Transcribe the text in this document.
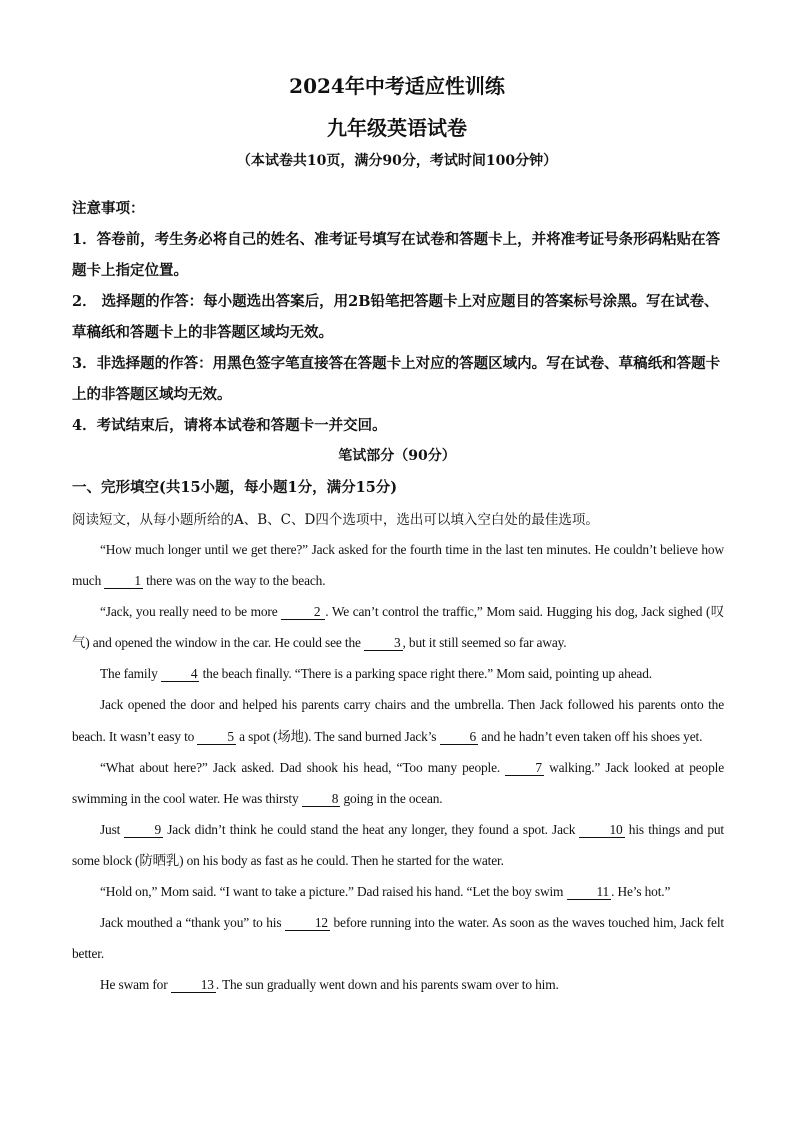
2024年中考适应性训练
九年级英语试卷
（本试卷共10页，满分90分，考试时间100分钟）

注意事项：

1．答卷前，考生务必将自己的姓名、准考证号填写在试卷和答题卡上，并将准考证号条形码粘贴在答题卡上指定位置。

2． 选择题的作答：每小题选出答案后，用2B铅笔把答题卡上对应题目的答案标号涂黑。写在试卷、草稿纸和答题卡上的非答题区域均无效。

3．非选择题的作答：用黑色签字笔直接答在答题卡上对应的答题区域内。写在试卷、草稿纸和答题卡上的非答题区域均无效。

4．考试结束后，请将本试卷和答题卡一并交回。

笔试部分（90分）
一、完形填空(共15小题，每小题1分，满分15分)
阅读短文，从每小题所给的A、B、C、D四个选项中，选出可以填入空白处的最佳选项。

“How much longer until we get there?” Jack asked for the fourth time in the last ten minutes. He couldn’t believe how much 1 there was on the way to the beach.

“Jack, you really need to be more 2 . We can’t control the traffic,” Mom said. Hugging his dog, Jack sighed (叹气) and opened the window in the car. He could see the 3 , but it still seemed so far away.

The family 4 the beach finally. “There is a parking space right there.” Mom said, pointing up ahead.

Jack opened the door and helped his parents carry chairs and the umbrella. Then Jack followed his parents onto the beach. It wasn’t easy to 5 a spot (场地). The sand burned Jack’s 6 and he hadn’t even taken off his shoes yet.

“What about here?” Jack asked. Dad shook his head, “Too many people. 7 walking.” Jack looked at people swimming in the cool water. He was thirsty 8 going in the ocean.

Just 9 Jack didn’t think he could stand the heat any longer, they found a spot. Jack 10 his things and put some block (防晒乳) on his body as fast as he could. Then he started for the water.

“Hold on,” Mom said. “I want to take a picture.” Dad raised his hand. “Let the boy swim 11 . He’s hot.”

Jack mouthed a “thank you” to his 12 before running into the water. As soon as the waves touched him, Jack felt better.

He swam for 13 . The sun gradually went down and his parents swam over to him.
